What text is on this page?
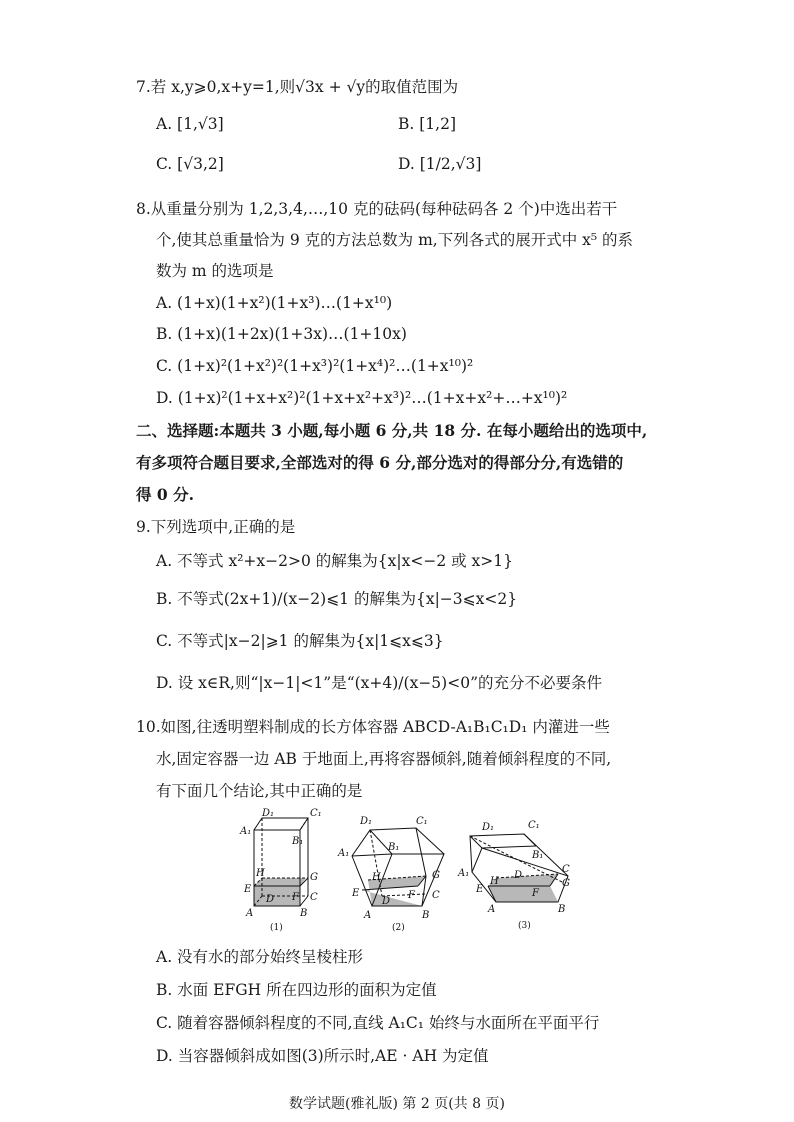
7.若 x,y⩾0,x+y=1,则√3x + √y的取值范围为
A. [1,√3]	B. [1,2]
C. [√3,2]	D. [1/2,√3]
8.从重量分别为 1,2,3,4,…,10 克的砝码(每种砝码各 2 个)中选出若干
个,使其总重量恰为 9 克的方法总数为 m,下列各式的展开式中 x⁵ 的系
数为 m 的选项是
A. (1+x)(1+x²)(1+x³)…(1+x¹⁰)
B. (1+x)(1+2x)(1+3x)…(1+10x)
C. (1+x)²(1+x²)²(1+x³)²(1+x⁴)²…(1+x¹⁰)²
D. (1+x)²(1+x+x²)²(1+x+x²+x³)²…(1+x+x²+…+x¹⁰)²
二、选择题:本题共 3 小题,每小题 6 分,共 18 分. 在每小题给出的选项中,
有多项符合题目要求,全部选对的得 6 分,部分选对的得部分分,有选错的
得 0 分.
9.下列选项中,正确的是
A. 不等式 x²+x−2>0 的解集为{x|x<−2 或 x>1}
B. 不等式(2x+1)/(x−2)⩽1 的解集为{x|−3⩽x<2}
C. 不等式|x−2|⩾1 的解集为{x|1⩽x⩽3}
D. 设 x∈R,则“|x−1|<1”是“(x+4)/(x−5)<0”的充分不必要条件
10.如图,往透明塑料制成的长方体容器 ABCD-A₁B₁C₁D₁ 内灌进一些
水,固定容器一边 AB 于地面上,再将容器倾斜,随着倾斜程度的不同,
有下面几个结论,其中正确的是
D₁	C₁
A₁
B₁
H	G
E
F C
D
A	B
(1)
D₁	C₁
A₁
B₁
H	G
E	F C
D
A	B
(2)
D₁	C₁
A₁
B₁
H
D
C
G
E	F
A	B
(3)
A. 没有水的部分始终呈棱柱形
B. 水面 EFGH 所在四边形的面积为定值
C. 随着容器倾斜程度的不同,直线 A₁C₁ 始终与水面所在平面平行
D. 当容器倾斜成如图(3)所示时,AE · AH 为定值
数学试题(雅礼版) 第 2 页(共 8 页)
